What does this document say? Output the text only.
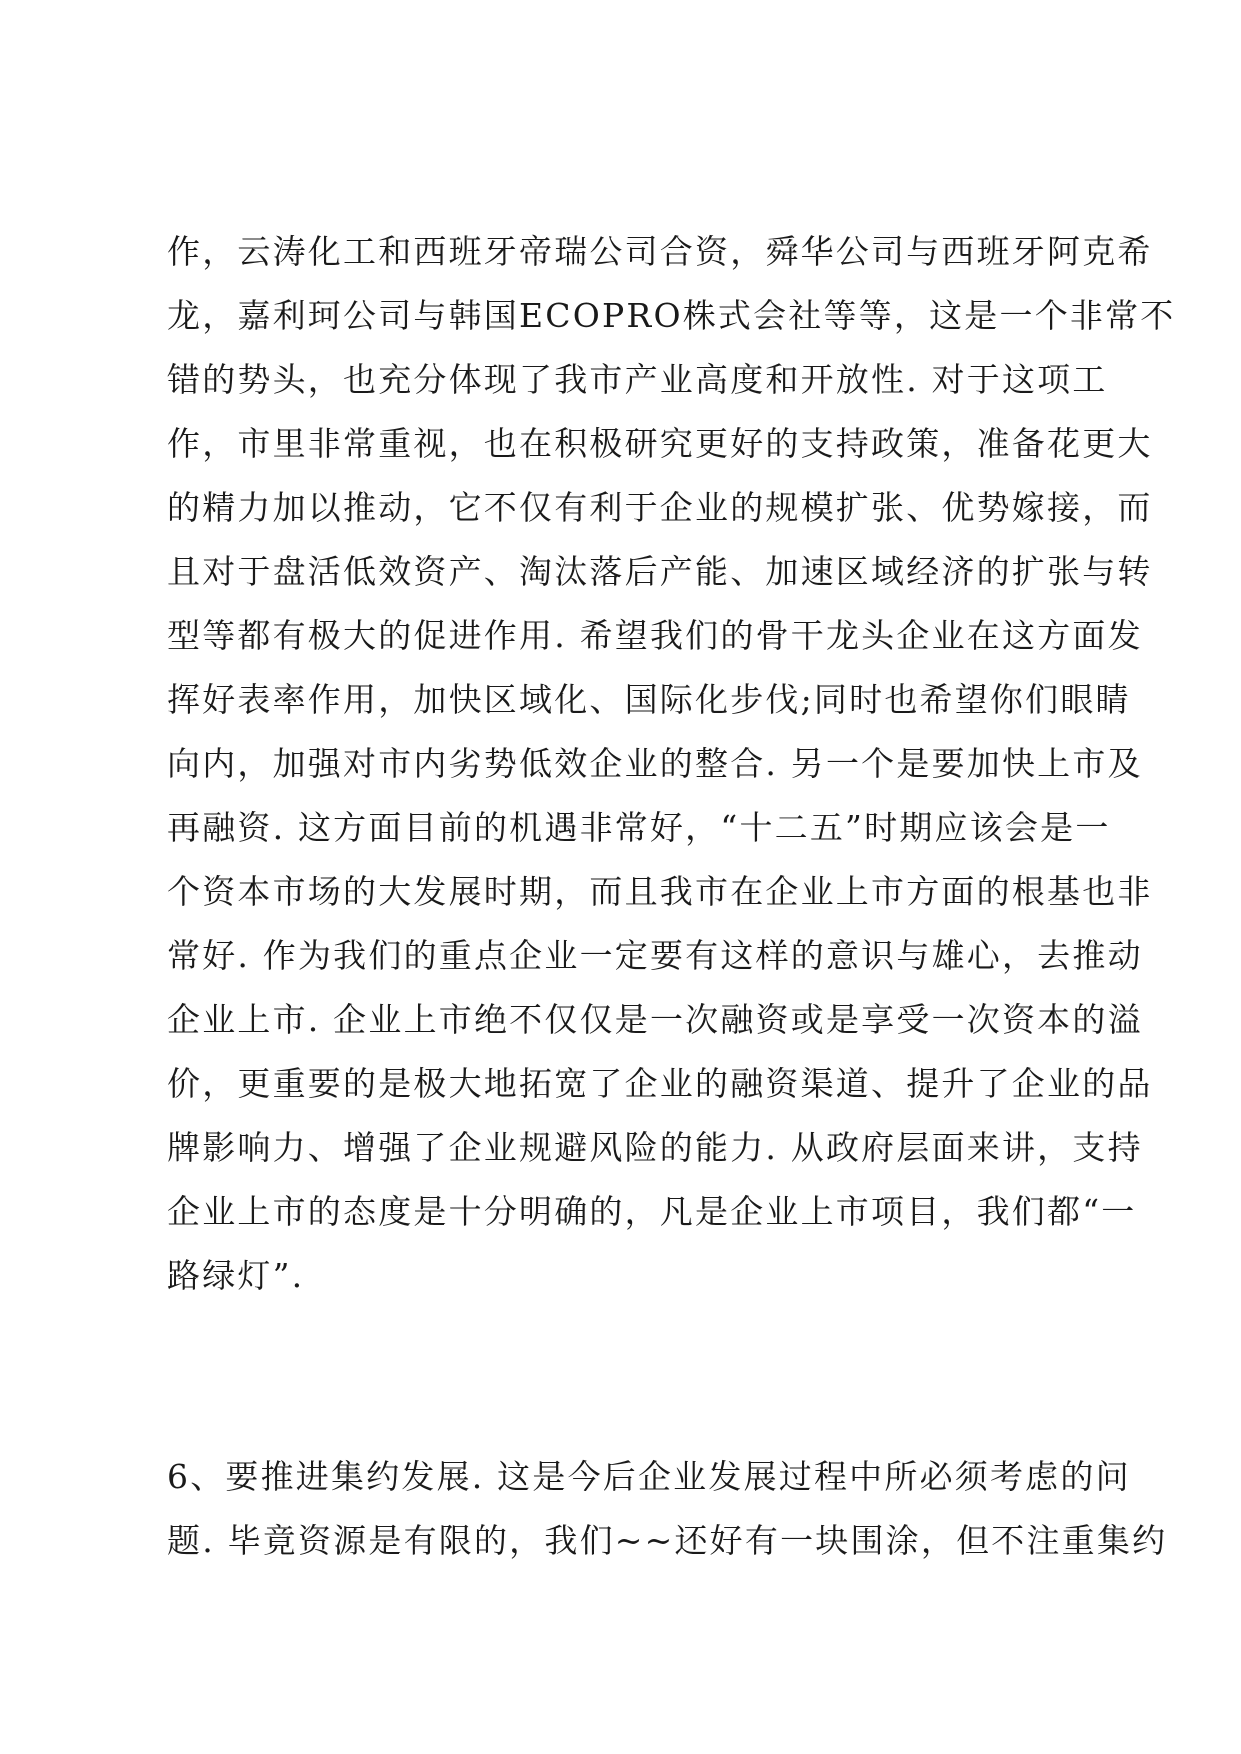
作，云涛化工和西班牙帝瑞公司合资，舜华公司与西班牙阿克希
龙，嘉利珂公司与韩国ECOPRO株式会社等等，这是一个非常不
错的势头，也充分体现了我市产业高度和开放性. 对于这项工
作，市里非常重视，也在积极研究更好的支持政策，准备花更大
的精力加以推动，它不仅有利于企业的规模扩张、优势嫁接，而
且对于盘活低效资产、淘汰落后产能、加速区域经济的扩张与转
型等都有极大的促进作用. 希望我们的骨干龙头企业在这方面发
挥好表率作用，加快区域化、国际化步伐;同时也希望你们眼睛
向内，加强对市内劣势低效企业的整合. 另一个是要加快上市及
再融资. 这方面目前的机遇非常好，“十二五”时期应该会是一
个资本市场的大发展时期，而且我市在企业上市方面的根基也非
常好. 作为我们的重点企业一定要有这样的意识与雄心，去推动
企业上市. 企业上市绝不仅仅是一次融资或是享受一次资本的溢
价，更重要的是极大地拓宽了企业的融资渠道、提升了企业的品
牌影响力、增强了企业规避风险的能力. 从政府层面来讲，支持
企业上市的态度是十分明确的，凡是企业上市项目，我们都“一
路绿灯”.
6、要推进集约发展. 这是今后企业发展过程中所必须考虑的问
题. 毕竟资源是有限的，我们~~还好有一块围涂，但不注重集约
